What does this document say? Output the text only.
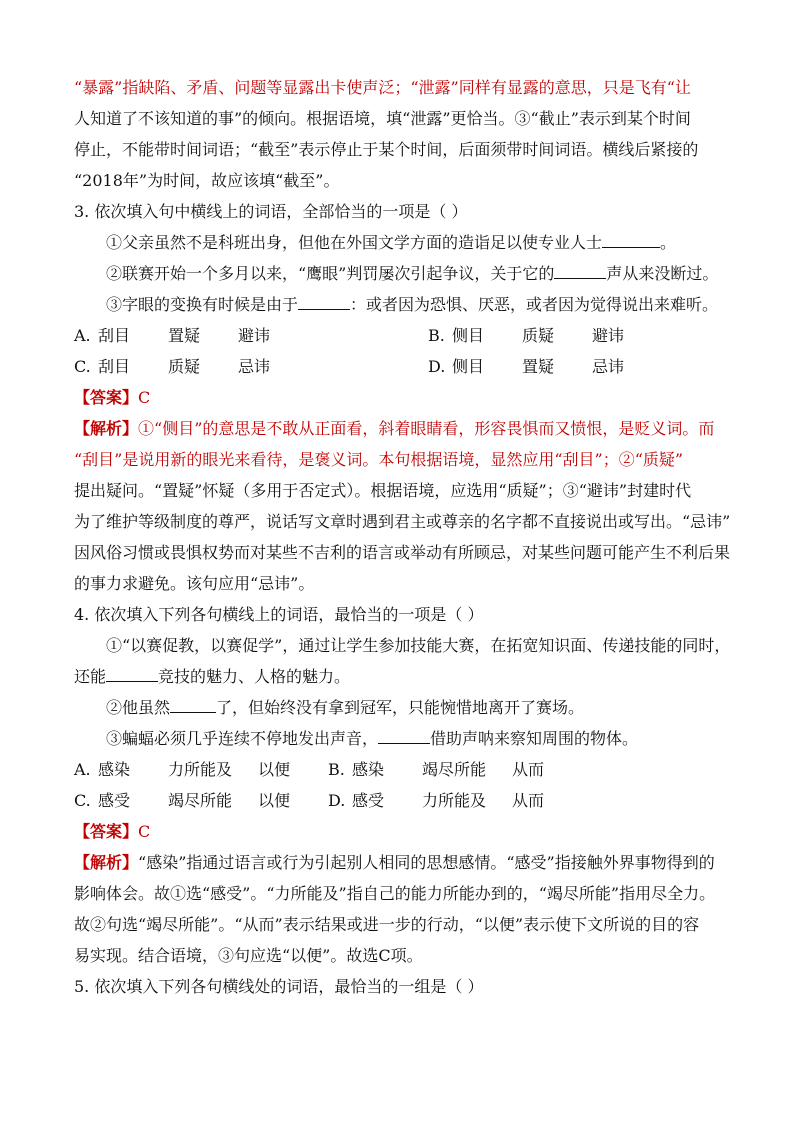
“暴露”指缺陷、矛盾、问题等显露出卡使声泛；“泄露”同样有显露的意思，只是飞有“让

人知道了不该知道的事”的倾向。根据语境，填“泄露”更恰当。③“截止”表示到某个时间

停止，不能带时间词语；“截至”表示停止于某个时间，后面须带时间词语。横线后紧接的

“2018年”为时间，故应该填“截至”。

3. 依次填入句中横线上的词语，全部恰当的一项是（ ）

①父亲虽然不是科班出身，但他在外国文学方面的造诣足以使专业人士	。

②联赛开始一个多月以来，“鹰眼”判罚屡次引起争议，关于它的	声从来没断过。

③字眼的变换有时候是由于	：或者因为恐惧、厌恶，或者因为觉得说出来难听。

A. 刮目	置疑	避讳	B. 侧目	质疑	避讳
C. 刮目	质疑	忌讳	D. 侧目	置疑	忌讳

【答案】C

【解析】①“侧目”的意思是不敢从正面看，斜着眼睛看，形容畏惧而又愤恨，是贬义词。而

“刮目”是说用新的眼光来看待，是褒义词。本句根据语境，显然应用“刮目”；②“质疑”

提出疑问。“置疑”怀疑（多用于否定式）。根据语境，应选用“质疑”；③“避讳”封建时代

为了维护等级制度的尊严，说话写文章时遇到君主或尊亲的名字都不直接说出或写出。“忌讳”

因风俗习惯或畏惧权势而对某些不吉利的语言或举动有所顾忌，对某些问题可能产生不利后果

的事力求避免。该句应用“忌讳”。

4. 依次填入下列各句横线上的词语，最恰当的一项是（ ）

①“以赛促教，以赛促学”，通过让学生参加技能大赛，在拓宽知识面、传递技能的同时，

还能	竞技的魅力、人格的魅力。

②他虽然	了，但始终没有拿到冠军，只能惋惜地离开了赛场。

③蝙蝠必须几乎连续不停地发出声音，	借助声呐来察知周围的物体。

A. 感染	力所能及	以便	B. 感染	竭尽所能	从而
C. 感受	竭尽所能	以便	D. 感受	力所能及	从而

【答案】C

【解析】“感染”指通过语言或行为引起别人相同的思想感情。“感受”指接触外界事物得到的

影响体会。故①选“感受”。“力所能及”指自己的能力所能办到的，“竭尽所能”指用尽全力。

故②句选“竭尽所能”。“从而”表示结果或进一步的行动，“以便”表示使下文所说的目的容

易实现。结合语境，③句应选“以便”。故选C项。

5. 依次填入下列各句横线处的词语，最恰当的一组是（ ）
